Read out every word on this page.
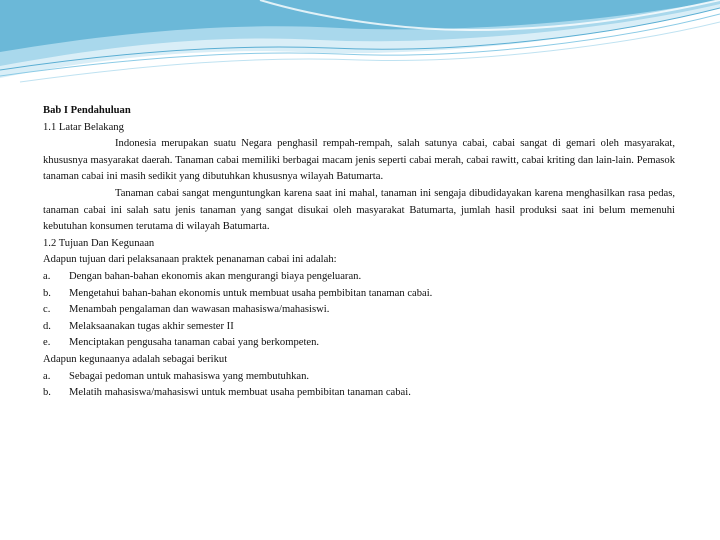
Bab I Pendahuluan

1.1 Latar Belakang

Indonesia merupakan suatu Negara penghasil rempah-rempah, salah satunya cabai, cabai sangat di gemari oleh masyarakat, khususnya masyarakat daerah. Tanaman cabai memiliki berbagai macam jenis seperti cabai merah, cabai rawitt, cabai kriting dan lain-lain. Pemasok tanaman cabai ini masih sedikit yang dibutuhkan khususnya wilayah Batumarta.

Tanaman cabai sangat menguntungkan karena saat ini mahal, tanaman ini sengaja dibudidayakan karena menghasilkan rasa pedas, tanaman cabai ini salah satu jenis tanaman yang sangat disukai oleh masyarakat Batumarta, jumlah hasil produksi saat ini belum memenuhi kebutuhan konsumen terutama di wilayah Batumarta.

1.2 Tujuan Dan Kegunaan

Adapun tujuan dari pelaksanaan praktek penanaman cabai ini adalah:

a.	Dengan bahan-bahan ekonomis akan mengurangi biaya pengeluaran.
b.	Mengetahui bahan-bahan ekonomis untuk membuat usaha pembibitan tanaman cabai.
c.	Menambah pengalaman dan wawasan mahasiswa/mahasiswi.
d.	Melaksaanakan tugas akhir semester II
e.	Menciptakan pengusaha tanaman cabai yang berkompeten.

Adapun kegunaanya adalah sebagai berikut

a.	Sebagai pedoman untuk mahasiswa yang membutuhkan.
b.	Melatih mahasiswa/mahasiswi untuk membuat usaha pembibitan tanaman cabai.
